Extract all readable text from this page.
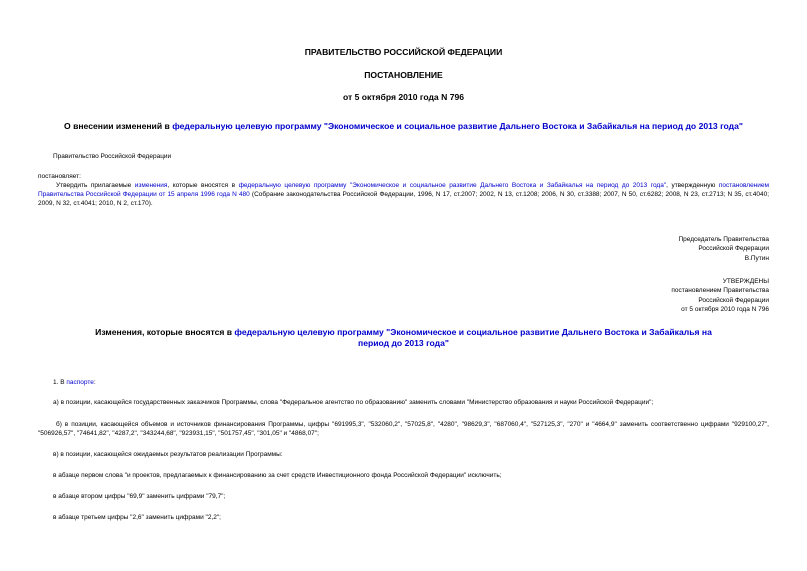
ПРАВИТЕЛЬСТВО РОССИЙСКОЙ ФЕДЕРАЦИИ
ПОСТАНОВЛЕНИЕ
от 5 октября 2010 года N 796
О внесении изменений в федеральную целевую программу "Экономическое и социальное развитие Дальнего Востока и Забайкалья на период до 2013 года"
Правительство Российской Федерации
постановляет:
Утвердить прилагаемые изменения, которые вносятся в федеральную целевую программу "Экономическое и социальное развитие Дальнего Востока и Забайкалья на период до 2013 года", утвержденную постановлением Правительства Российской Федерации от 15 апреля 1996 года N 480 (Собрание законодательства Российской Федерации, 1996, N 17, ст.2007; 2002, N 13, ст.1208; 2006, N 30, ст.3388; 2007, N 50, ст.6282; 2008, N 23, ст.2713; N 35, ст.4040; 2009, N 32, ст.4041; 2010, N 2, ст.170).
Председатель Правительства
Российской Федерации
В.Путин
УТВЕРЖДЕНЫ
постановлением Правительства
Российской Федерации
от 5 октября 2010 года N 796
Изменения, которые вносятся в федеральную целевую программу "Экономическое и социальное развитие Дальнего Востока и Забайкалья на период до 2013 года"
1. В паспорте:
а) в позиции, касающейся государственных заказчиков Программы, слова "Федеральное агентство по образованию" заменить словами "Министерство образования и науки Российской Федерации";
б) в позиции, касающейся объемов и источников финансирования Программы, цифры "691995,3", "532060,2", "57025,8", "4280", "98629,3", "687060,4", "527125,3", "270" и "4664,9" заменить соответственно цифрами "929100,27", "506926,57", "74641,82", "4287,2", "343244,68", "923931,15", "501757,45", "301,05" и "4868,07";
в) в позиции, касающейся ожидаемых результатов реализации Программы:
в абзаце первом слова "и проектов, предлагаемых к финансированию за счет средств Инвестиционного фонда Российской Федерации" исключить;
в абзаце втором цифры "69,9" заменить цифрами "79,7";
в абзаце третьем цифры "2,6" заменить цифрами "2,2";
